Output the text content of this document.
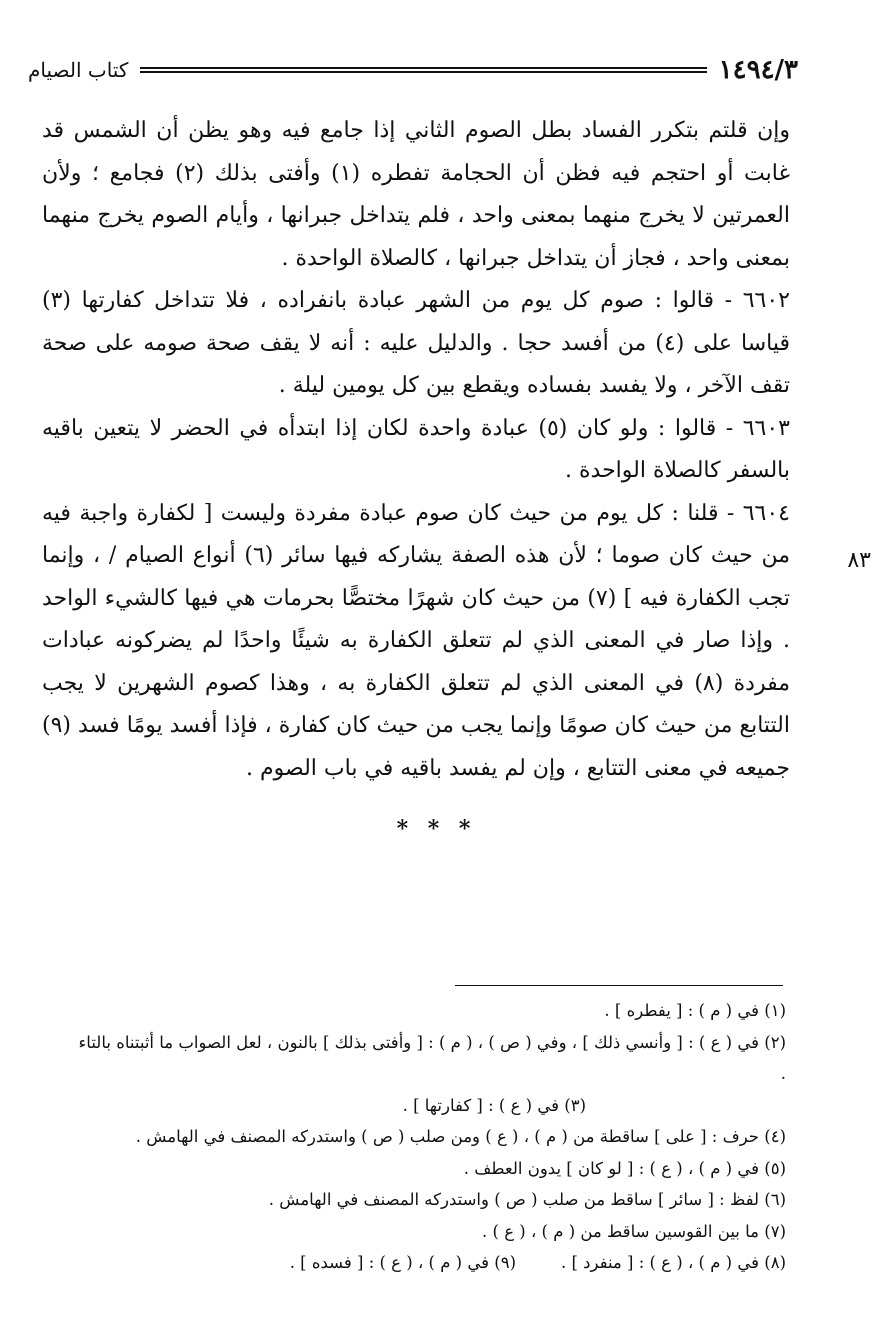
كتاب الصيام	١٤٩٤/٣
٨٣

وإن قلتم بتكرر الفساد بطل الصوم الثاني إذا جامع فيه وهو يظن أن الشمس قد غابت أو احتجم فيه فظن أن الحجامة تفطره (١) وأفتى بذلك (٢) فجامع ؛ ولأن العمرتين لا يخرج منهما بمعنى واحد ، فلم يتداخل جبرانها ، وأيام الصوم يخرج منهما بمعنى واحد ، فجاز أن يتداخل جبرانها ، كالصلاة الواحدة .

٦٦٠٢ - قالوا : صوم كل يوم من الشهر عبادة بانفراده ، فلا تتداخل كفارتها (٣) قياسا على (٤) من أفسد حجا . والدليل عليه : أنه لا يقف صحة صومه على صحة تقف الآخر ، ولا يفسد بفساده ويقطع بين كل يومين ليلة .

٦٦٠٣ - قالوا : ولو كان (٥) عبادة واحدة لكان إذا ابتدأه في الحضر لا يتعين باقيه بالسفر كالصلاة الواحدة .

٦٦٠٤ - قلنا : كل يوم من حيث كان صوم عبادة مفردة وليست [ لكفارة واجبة فيه من حيث كان صوما ؛ لأن هذه الصفة يشاركه فيها سائر (٦) أنواع الصيام / ، وإنما تجب الكفارة فيه ] (٧) من حيث كان شهرًا مختصًّا بحرمات هي فيها كالشيء الواحد . وإذا صار في المعنى الذي لم تتعلق الكفارة به شيئًا واحدًا لم يضركونه عبادات مفردة (٨) في المعنى الذي لم تتعلق الكفارة به ، وهذا كصوم الشهرين لا يجب التتابع من حيث كان صومًا وإنما يجب من حيث كان كفارة ، فإذا أفسد يومًا فسد (٩) جميعه في معنى التتابع ، وإن لم يفسد باقيه في باب الصوم .

* * *

(١) في ( م ) : [ يفطره ] .

(٢) في ( ع ) : [ وأنسي ذلك ] ، وفي ( ص ) ، ( م ) : [ وأفتى بذلك ] بالنون ، لعل الصواب ما أثبتناه بالتاء .

(٣) في ( ع ) : [ كفارتها ] .

(٤) حرف : [ على ] ساقطة من ( م ) ، ( ع ) ومن صلب ( ص ) واستدركه المصنف في الهامش .

(٥) في ( م ) ، ( ع ) : [ لو كان ] يدون العطف .

(٦) لفظ : [ سائر ] ساقط من صلب ( ص ) واستدركه المصنف في الهامش .

(٧) ما بين القوسين ساقط من ( م ) ، ( ع ) .

(٨) في ( م ) ، ( ع ) : [ منفرد ] .
(٩) في ( م ) ، ( ع ) : [ فسده ] .
